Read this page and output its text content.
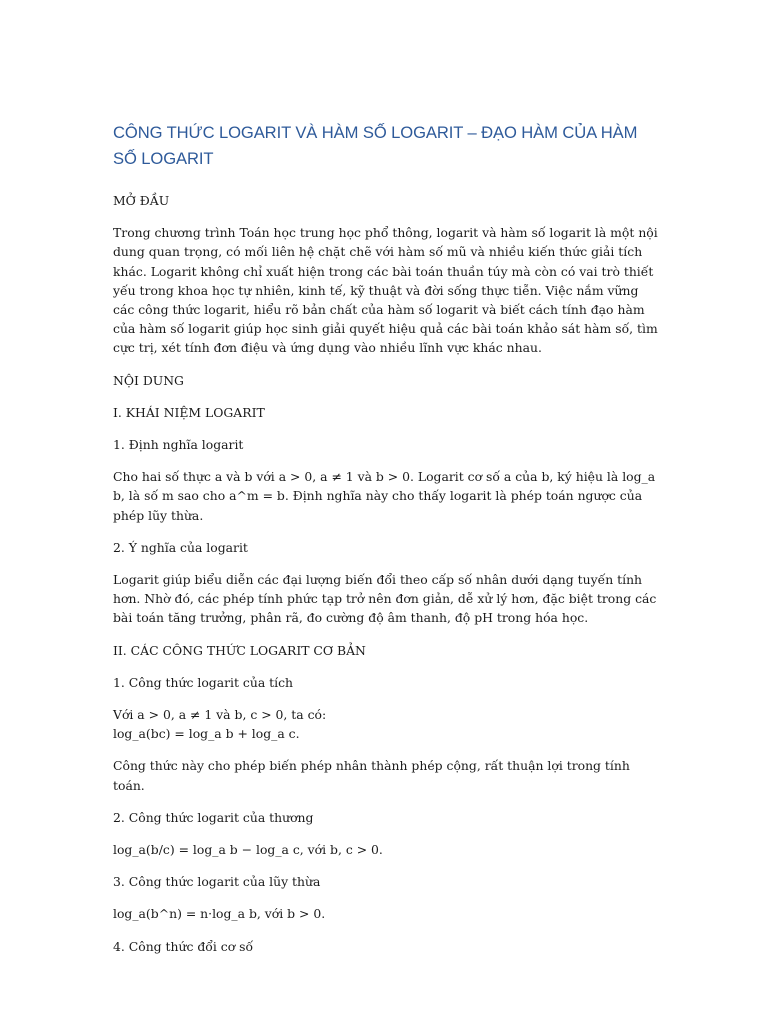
CÔNG THỨC LOGARIT VÀ HÀM SỐ LOGARIT – ĐẠO HÀM CỦA HÀM SỐ LOGARIT
MỞ ĐẦU
Trong chương trình Toán học trung học phổ thông, logarit và hàm số logarit là một nội dung quan trọng, có mối liên hệ chặt chẽ với hàm số mũ và nhiều kiến thức giải tích khác. Logarit không chỉ xuất hiện trong các bài toán thuần túy mà còn có vai trò thiết yếu trong khoa học tự nhiên, kinh tế, kỹ thuật và đời sống thực tiễn. Việc nắm vững các công thức logarit, hiểu rõ bản chất của hàm số logarit và biết cách tính đạo hàm của hàm số logarit giúp học sinh giải quyết hiệu quả các bài toán khảo sát hàm số, tìm cực trị, xét tính đơn điệu và ứng dụng vào nhiều lĩnh vực khác nhau.
NỘI DUNG
I. KHÁI NIỆM LOGARIT
1. Định nghĩa logarit
Cho hai số thực a và b với a > 0, a ≠ 1 và b > 0. Logarit cơ số a của b, ký hiệu là log_a b, là số m sao cho a^m = b. Định nghĩa này cho thấy logarit là phép toán ngược của phép lũy thừa.
2. Ý nghĩa của logarit
Logarit giúp biểu diễn các đại lượng biến đổi theo cấp số nhân dưới dạng tuyến tính hơn. Nhờ đó, các phép tính phức tạp trở nên đơn giản, dễ xử lý hơn, đặc biệt trong các bài toán tăng trưởng, phân rã, đo cường độ âm thanh, độ pH trong hóa học.
II. CÁC CÔNG THỨC LOGARIT CƠ BẢN
1. Công thức logarit của tích
Với a > 0, a ≠ 1 và b, c > 0, ta có:
log_a(bc) = log_a b + log_a c.
Công thức này cho phép biến phép nhân thành phép cộng, rất thuận lợi trong tính toán.
2. Công thức logarit của thương
log_a(b/c) = log_a b − log_a c, với b, c > 0.
3. Công thức logarit của lũy thừa
log_a(b^n) = n·log_a b, với b > 0.
4. Công thức đổi cơ số
